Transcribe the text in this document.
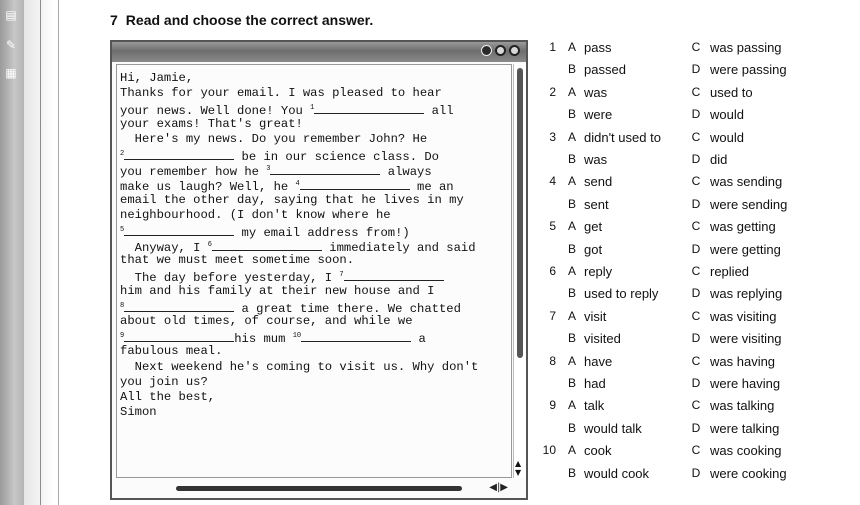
▤
✎
▦
7 Read and choose the correct answer.
Hi, Jamie,
Thanks for your email. I was pleased to hear
your news. Well done! You $^1$	all
your exams! That's great!
Here's my news. Do you remember John? He
$^2$	be in our science class. Do
you remember how he $^3$	always
make us laugh? Well, he $^4$	me an
email the other day, saying that he lives in my
neighbourhood. (I don't know where he
$^5$	my email address from!)
Anyway, I $^6$	immediately and said
that we must meet sometime soon.
The day before yesterday, I $^7$
him and his family at their new house and I
$^8$	a great time there. We chatted
about old times, of course, and while we
$^9$	his mum $^{10}$	a
fabulous meal.
Next weekend he's coming to visit us. Why don't
you join us?
All the best,
Simon
▲
▼
◀|▶
1 A pass	C was passing
B passed	D were passing
2 A was	C used to
B were	D would
3 A didn't used to	C would
B was	D did
4 A send	C was sending
B sent	D were sending
5 A get	C was getting
B got	D were getting
6 A reply	C replied
B used to reply	D was replying
7 A visit	C was visiting
B visited	D were visiting
8 A have	C was having
B had	D were having
9 A talk	C was talking
B would talk	D were talking
10 A cook	C was cooking
B would cook	D were cooking
